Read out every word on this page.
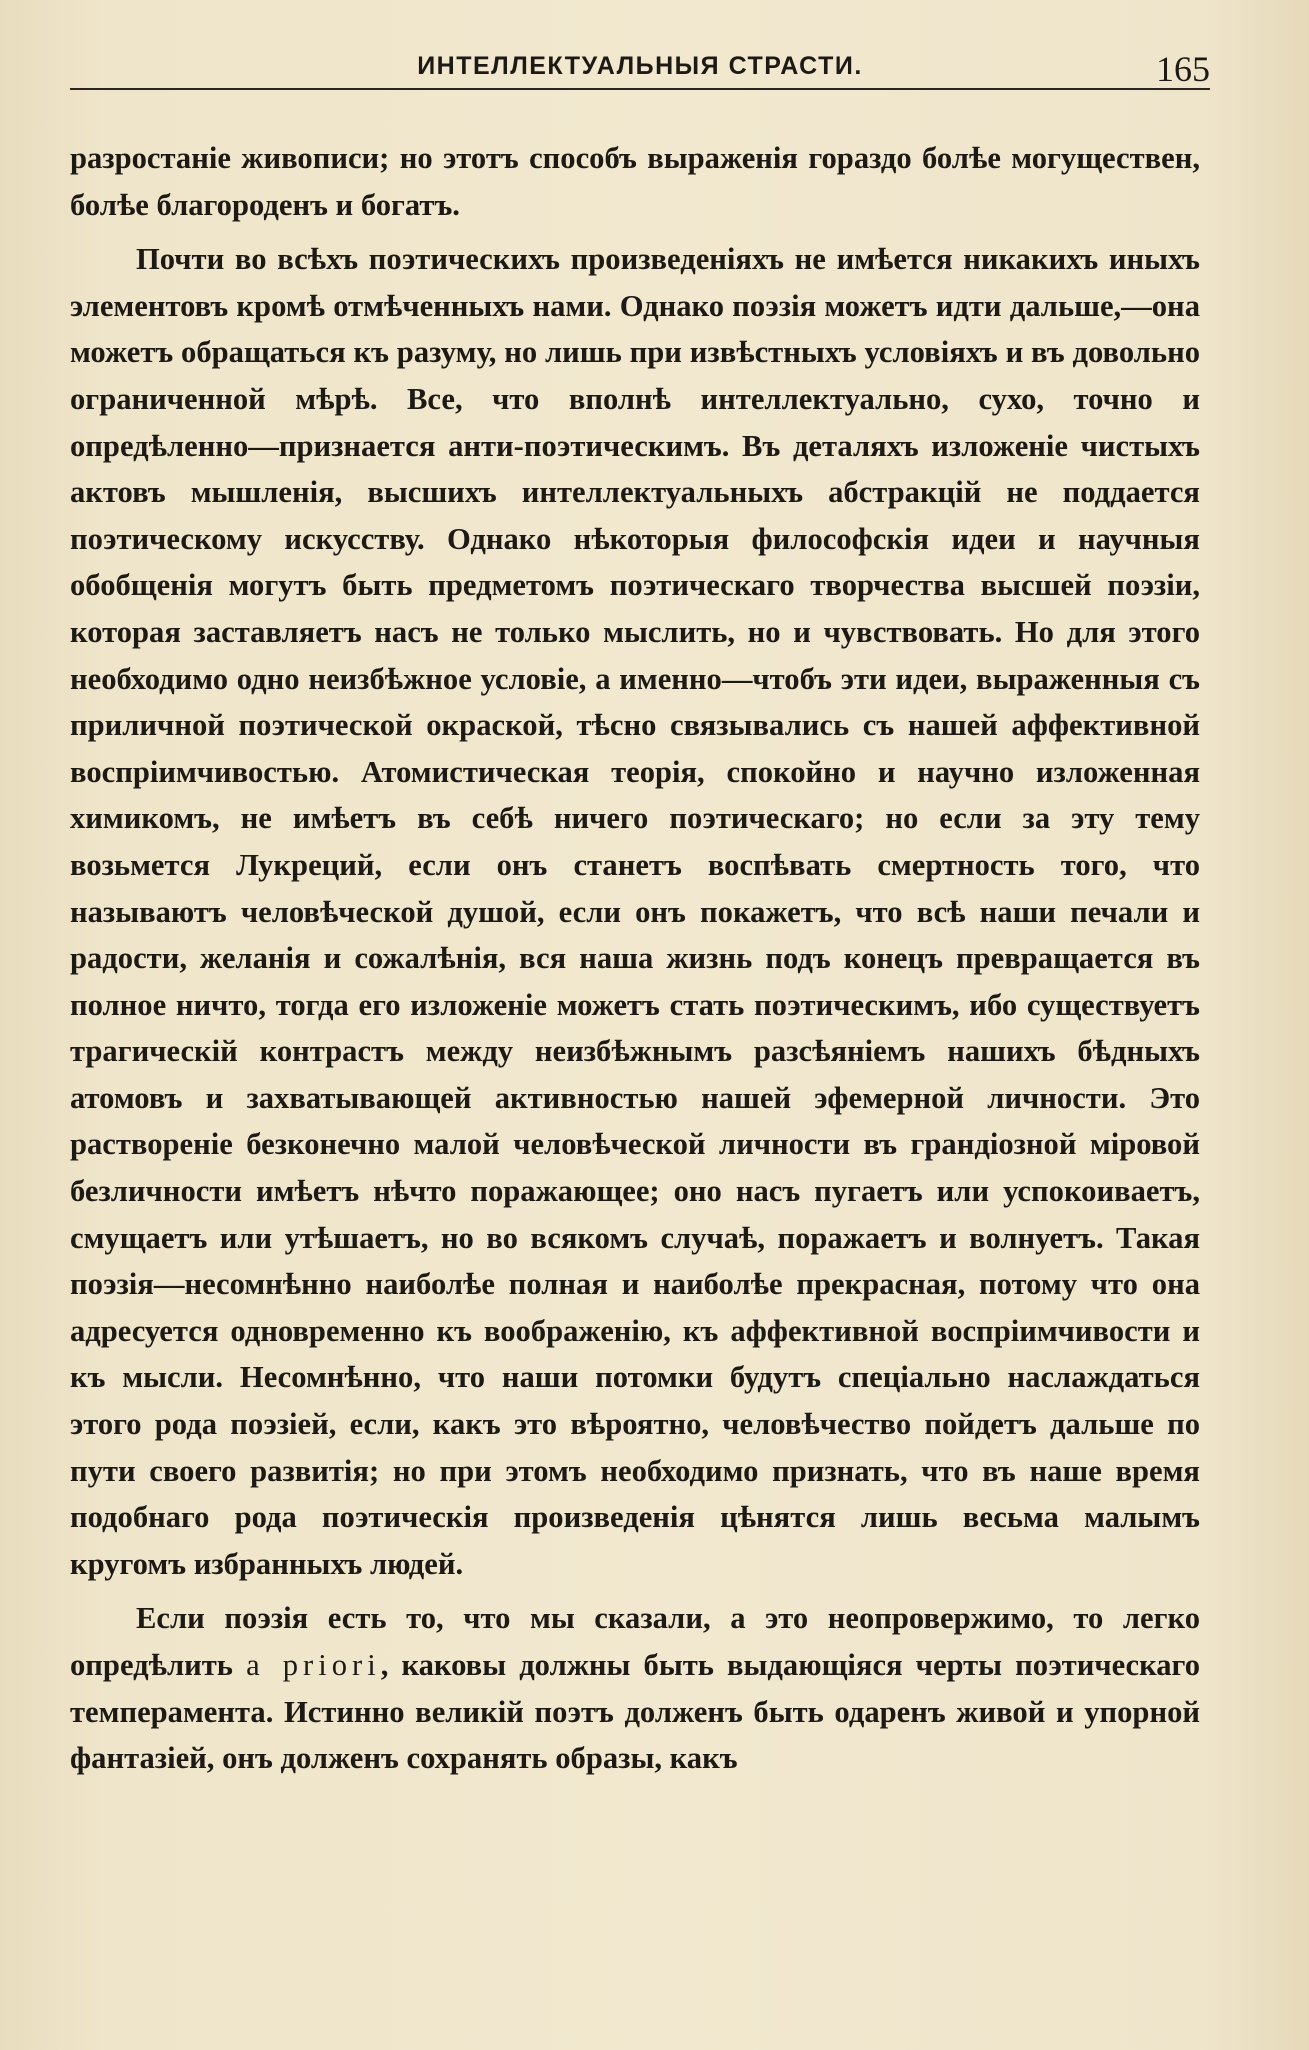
ИНТЕЛЛЕКТУАЛЬНЫЯ СТРАСТИ.	165

разростаніе живописи; но этотъ способъ выраженія гораздо болѣе могуществен, болѣе благороденъ и богатъ.

Почти во всѣхъ поэтическихъ произведеніяхъ не имѣется никакихъ иныхъ элементовъ кромѣ отмѣченныхъ нами. Однако поэзія можетъ идти дальше,—она можетъ обращаться къ разуму, но лишь при извѣстныхъ условіяхъ и въ довольно ограниченной мѣрѣ. Все, что вполнѣ интеллектуально, сухо, точно и опредѣленно—признается анти-поэтическимъ. Въ деталяхъ изложеніе чистыхъ актовъ мышленія, высшихъ интеллектуальныхъ абстракцій не поддается поэтическому искусству. Однако нѣкоторыя философскія идеи и научныя обобщенія могутъ быть предметомъ поэтическаго творчества высшей поэзіи, которая заставляетъ насъ не только мыслить, но и чувствовать. Но для этого необходимо одно неизбѣжное условіе, а именно—чтобъ эти идеи, выраженныя съ приличной поэтической окраской, тѣсно связывались съ нашей аффективной воспріимчивостью. Атомистическая теорія, спокойно и научно изложенная химикомъ, не имѣетъ въ себѣ ничего поэтическаго; но если за эту тему возьмется Лукреций, если онъ станетъ воспѣвать смертность того, что называютъ человѣческой душой, если онъ покажетъ, что всѣ наши печали и радости, желанія и сожалѣнія, вся наша жизнь подъ конецъ превращается въ полное ничто, тогда его изложеніе можетъ стать поэтическимъ, ибо существуетъ трагическій контрастъ между неизбѣжнымъ разсѣяніемъ нашихъ бѣдныхъ атомовъ и захватывающей активностью нашей эфемерной личности. Это раствореніе безконечно малой человѣческой личности въ грандіозной міровой безличности имѣетъ нѣчто поражающее; оно насъ пугаетъ или успокоиваетъ, смущаетъ или утѣшаетъ, но во всякомъ случаѣ, поражаетъ и волнуетъ. Такая поэзія—несомнѣнно наиболѣе полная и наиболѣе прекрасная, потому что она адресуется одновременно къ воображенію, къ аффективной воспріимчивости и къ мысли. Несомнѣнно, что наши потомки будутъ спеціально наслаждаться этого рода поэзіей, если, какъ это вѣроятно, человѣчество пойдетъ дальше по пути своего развитія; но при этомъ необходимо признать, что въ наше время подобнаго рода поэтическія произведенія цѣнятся лишь весьма малымъ кругомъ избранныхъ людей.

Если поэзія есть то, что мы сказали, а это неопровержимо, то легко опредѣлить a priori, каковы должны быть выдающіяся черты поэтическаго темперамента. Истинно великій поэтъ долженъ быть одаренъ живой и упорной фантазіей, онъ долженъ сохранять образы, какъ
